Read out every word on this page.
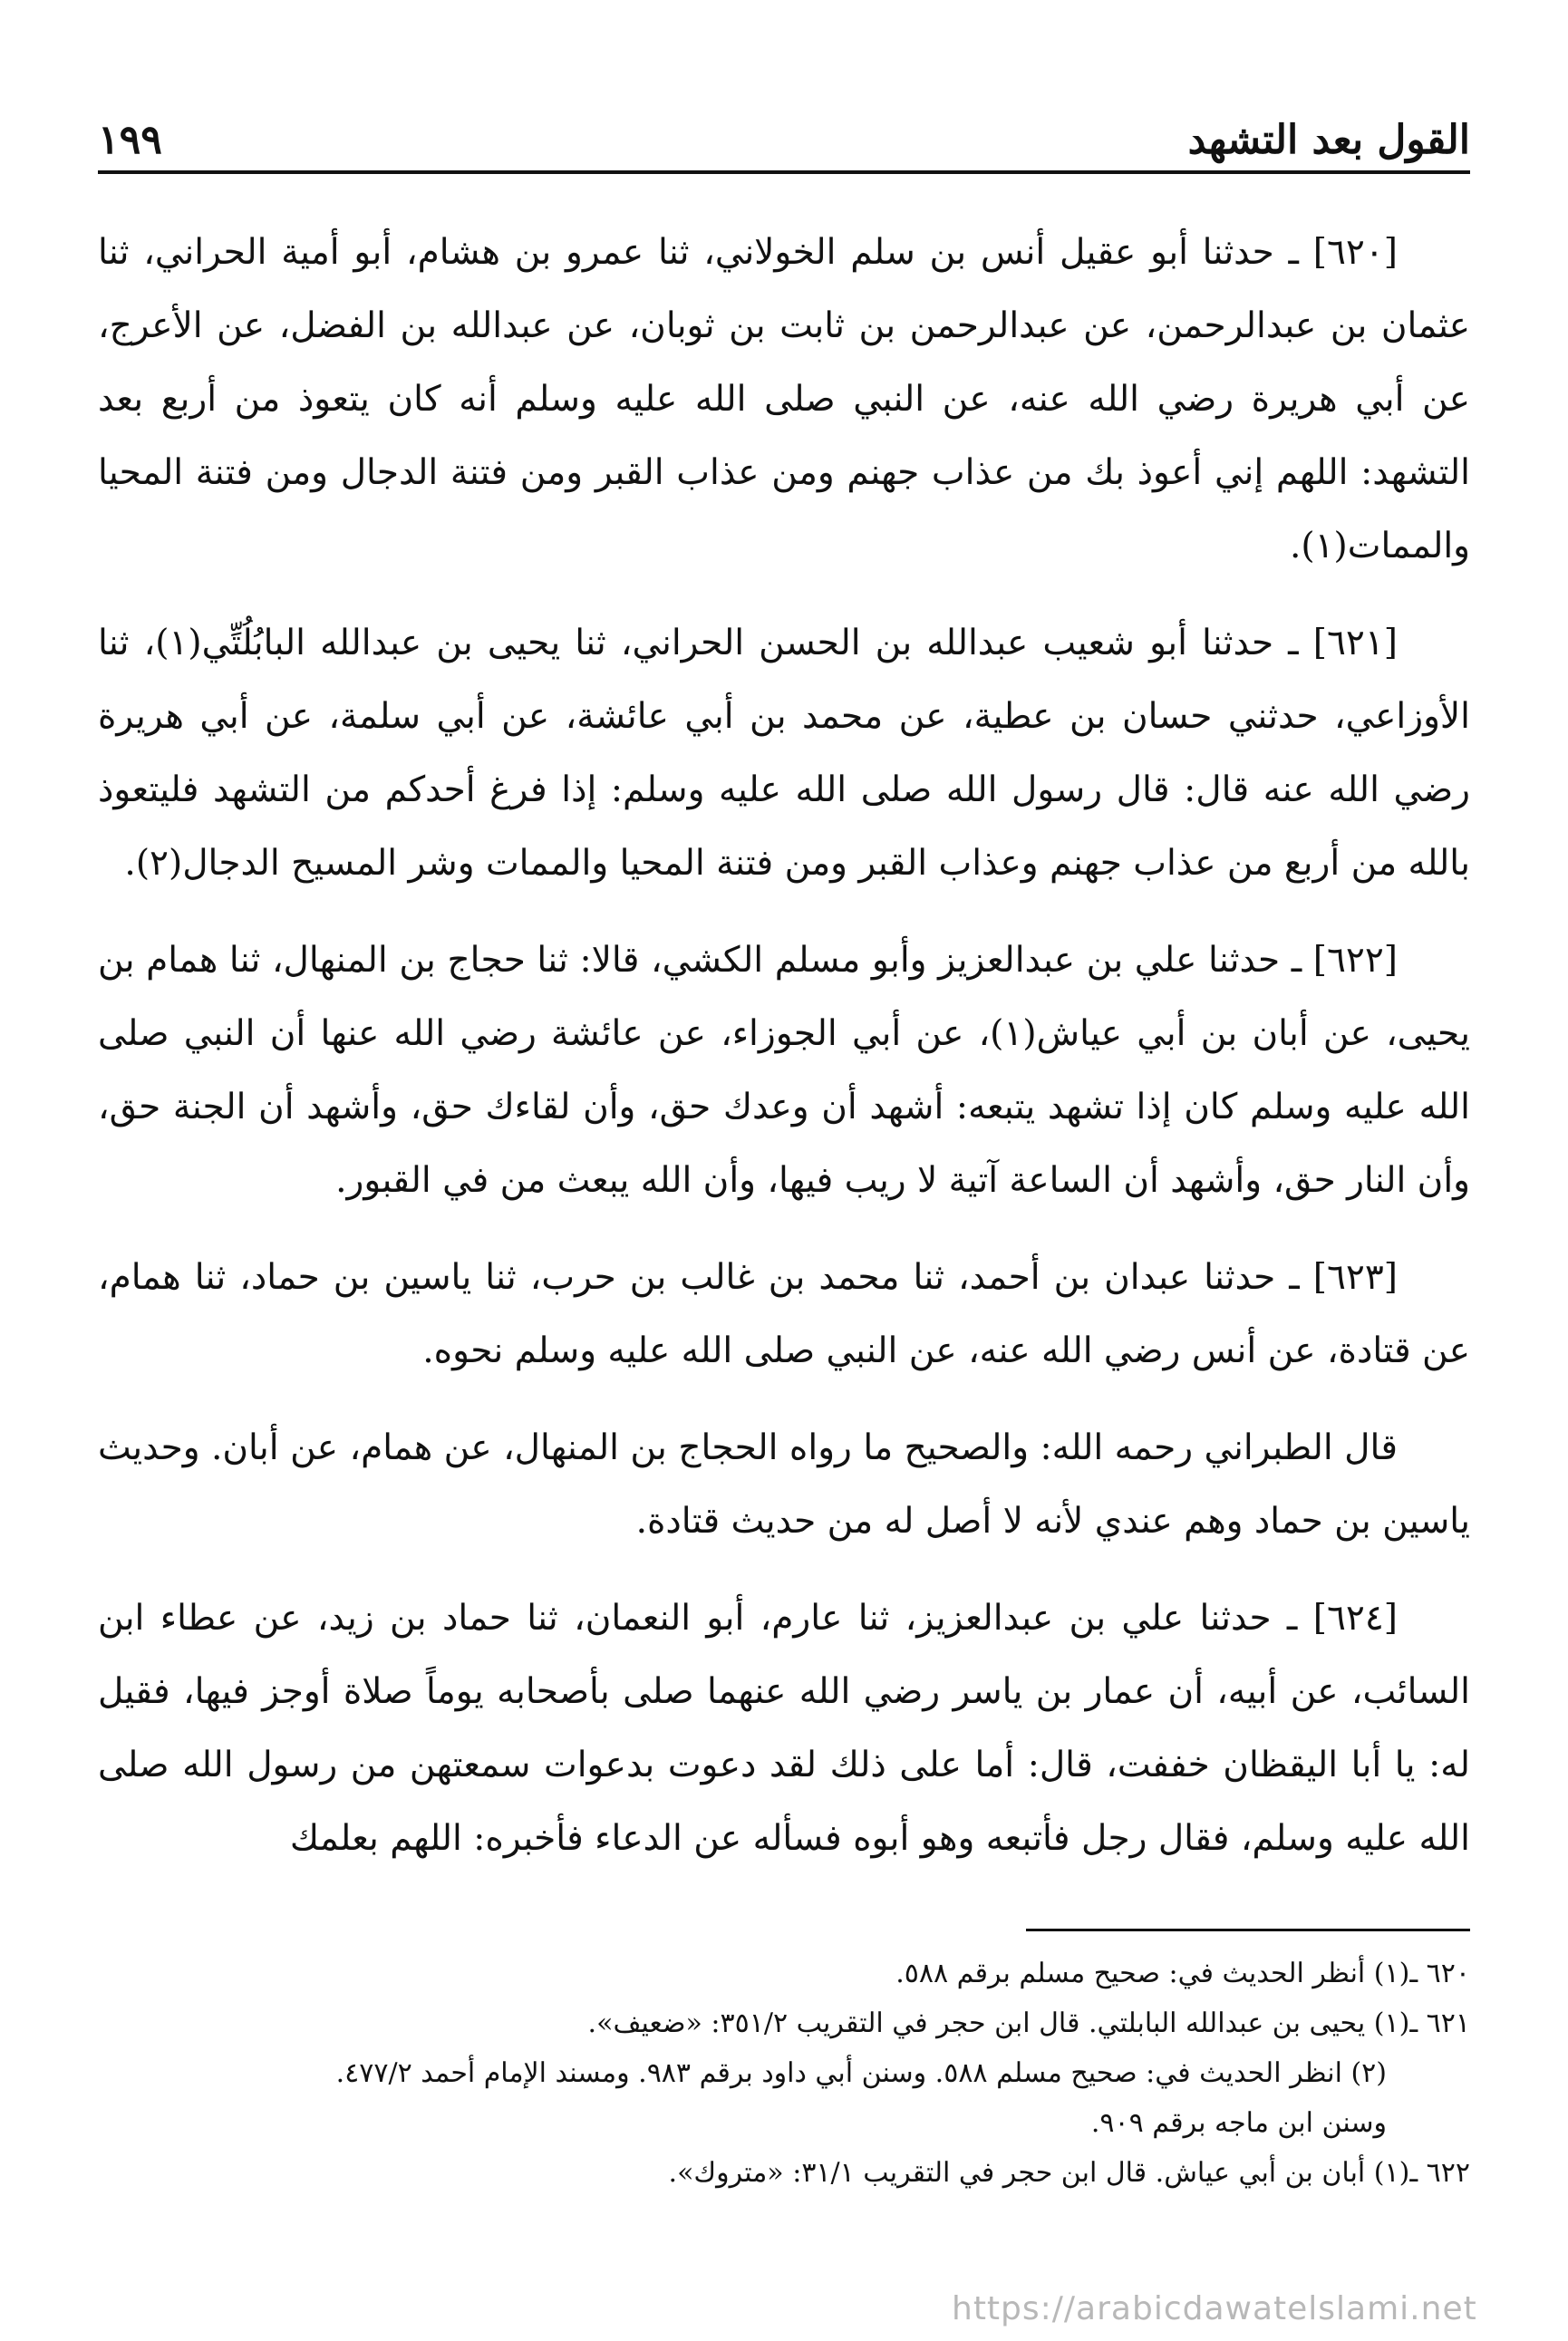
القول بعد التشهد
١٩٩

[٦٢٠] ـ حدثنا أبو عقيل أنس بن سلم الخولاني، ثنا عمرو بن هشام، أبو أمية الحراني، ثنا عثمان بن عبدالرحمن، عن عبدالرحمن بن ثابت بن ثوبان، عن عبدالله بن الفضل، عن الأعرج، عن أبي هريرة رضي الله عنه، عن النبي صلى الله عليه وسلم أنه كان يتعوذ من أربع بعد التشهد: اللهم إني أعوذ بك من عذاب جهنم ومن عذاب القبر ومن فتنة الدجال ومن فتنة المحيا والممات(١).

[٦٢١] ـ حدثنا أبو شعيب عبدالله بن الحسن الحراني، ثنا يحيى بن عبدالله البابُلُتِّي(١)، ثنا الأوزاعي، حدثني حسان بن عطية، عن محمد بن أبي عائشة، عن أبي سلمة، عن أبي هريرة رضي الله عنه قال: قال رسول الله صلى الله عليه وسلم: إذا فرغ أحدكم من التشهد فليتعوذ بالله من أربع من عذاب جهنم وعذاب القبر ومن فتنة المحيا والممات وشر المسيح الدجال(٢).

[٦٢٢] ـ حدثنا علي بن عبدالعزيز وأبو مسلم الكشي، قالا: ثنا حجاج بن المنهال، ثنا همام بن يحيى، عن أبان بن أبي عياش(١)، عن أبي الجوزاء، عن عائشة رضي الله عنها أن النبي صلى الله عليه وسلم كان إذا تشهد يتبعه: أشهد أن وعدك حق، وأن لقاءك حق، وأشهد أن الجنة حق، وأن النار حق، وأشهد أن الساعة آتية لا ريب فيها، وأن الله يبعث من في القبور.

[٦٢٣] ـ حدثنا عبدان بن أحمد، ثنا محمد بن غالب بن حرب، ثنا ياسين بن حماد، ثنا همام، عن قتادة، عن أنس رضي الله عنه، عن النبي صلى الله عليه وسلم نحوه.

قال الطبراني رحمه الله: والصحيح ما رواه الحجاج بن المنهال، عن همام، عن أبان. وحديث ياسين بن حماد وهم عندي لأنه لا أصل له من حديث قتادة.

[٦٢٤] ـ حدثنا علي بن عبدالعزيز، ثنا عارم، أبو النعمان، ثنا حماد بن زيد، عن عطاء ابن السائب، عن أبيه، أن عمار بن ياسر رضي الله عنهما صلى بأصحابه يوماً صلاة أوجز فيها، فقيل له: يا أبا اليقظان خففت، قال: أما على ذلك لقد دعوت بدعوات سمعتهن من رسول الله صلى الله عليه وسلم، فقال رجل فأتبعه وهو أبوه فسأله عن الدعاء فأخبره: اللهم بعلمك

٦٢٠ ـ(١) أنظر الحديث في: صحيح مسلم برقم ٥٨٨.
٦٢١ ـ(١) يحيى بن عبدالله البابلتي. قال ابن حجر في التقريب ٣٥١/٢: «ضعيف».
(٢) انظر الحديث في: صحيح مسلم ٥٨٨. وسنن أبي داود برقم ٩٨٣. ومسند الإمام أحمد ٤٧٧/٢.
وسنن ابن ماجه برقم ٩٠٩.
٦٢٢ ـ(١) أبان بن أبي عياش. قال ابن حجر في التقريب ٣١/١: «متروك».
https://arabicdawatelslami.net
